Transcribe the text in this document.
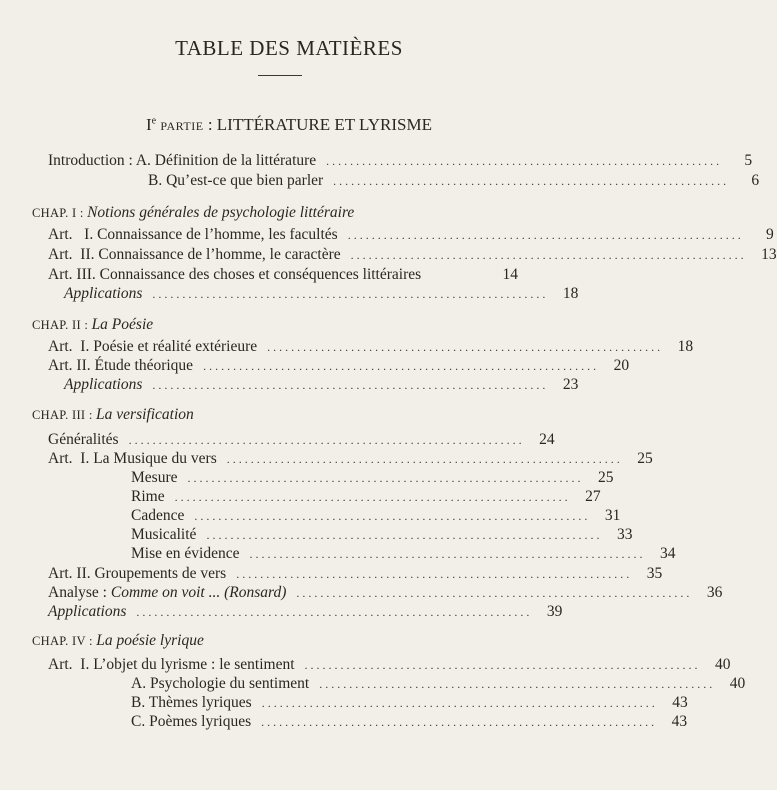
TABLE DES MATIÈRES
Ie PARTIE : LITTÉRATURE ET LYRISME
Introduction : A. Définition de la littérature ..................................................................	5
B. Qu’est-ce que bien parler ..................................................................	6
CHAP. I : Notions générales de psychologie littéraire
Art.   I. Connaissance de l’homme, les facultés ..................................................................	9
Art.  II. Connaissance de l’homme, le caractère .................................................................. 13
Art. III. Connaissance des choses et conséquences littéraires	14
Applications .................................................................. 18
CHAP. II : La Poésie
Art.  I. Poésie et réalité extérieure .................................................................. 18
Art. II. Étude théorique .................................................................. 20
Applications .................................................................. 23
CHAP. III : La versification
Généralités .................................................................. 24
Art.  I. La Musique du vers .................................................................. 25
Mesure .................................................................. 25
Rime .................................................................. 27
Cadence .................................................................. 31
Musicalité .................................................................. 33
Mise en évidence .................................................................. 34
Art. II. Groupements de vers .................................................................. 35
Analyse : Comme on voit ... (Ronsard) .................................................................. 36
Applications .................................................................. 39
CHAP. IV : La poésie lyrique
Art.  I. L’objet du lyrisme : le sentiment .................................................................. 40
A. Psychologie du sentiment .................................................................. 40
B. Thèmes lyriques .................................................................. 43
C. Poèmes lyriques .................................................................. 43
